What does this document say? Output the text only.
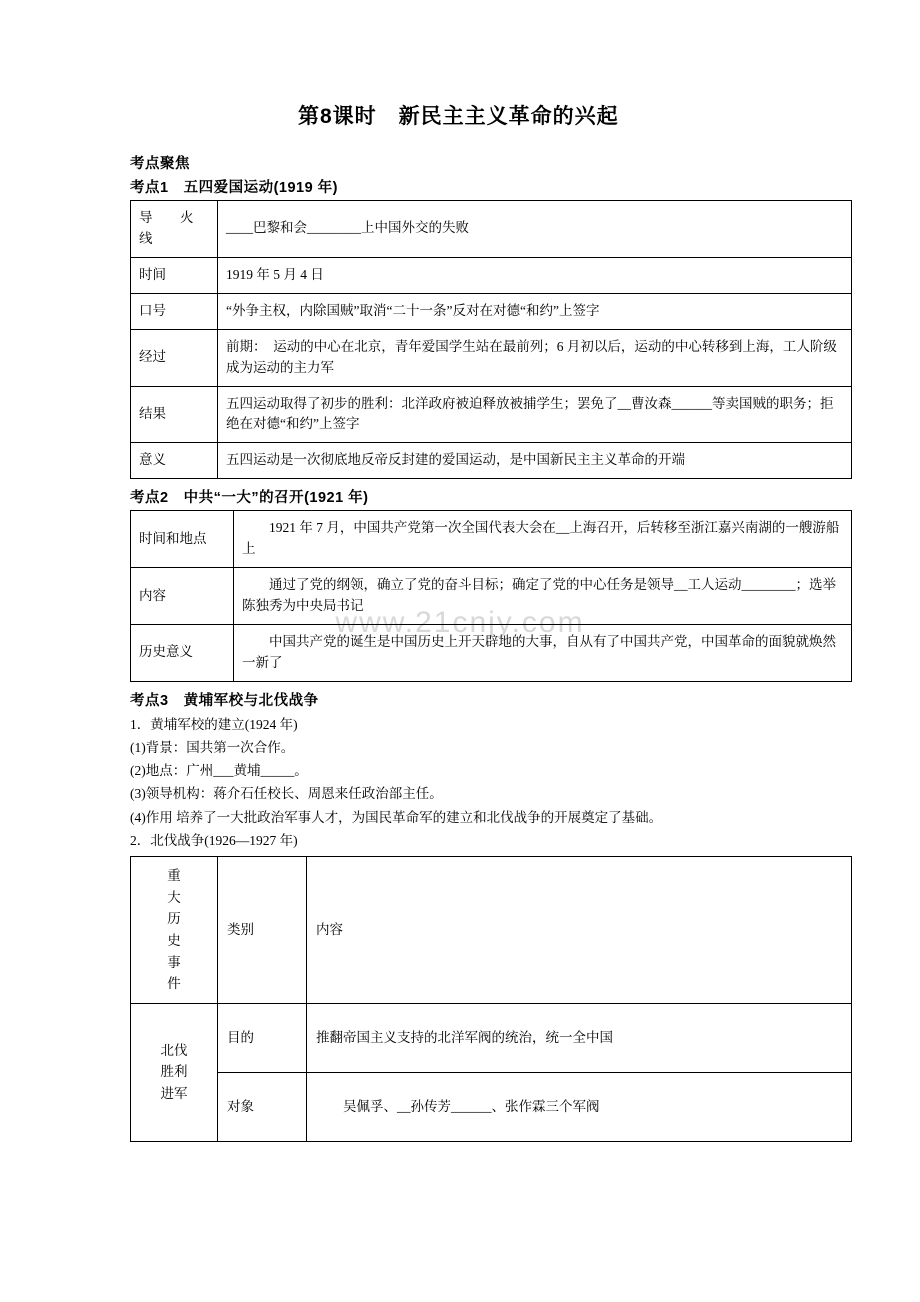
www.21cnjy.com
第8课时　新民主主义革命的兴起
考点聚焦
考点1　五四爱国运动(1919 年)
导　火　线	____巴黎和会________上中国外交的失败
时间	1919 年 5 月 4 日
口号	“外争主权，内除国贼”取消“二十一条”反对在对德“和约”上签字
经过	前期：　运动的中心在北京，青年爱国学生站在最前列；6 月初以后，运动的中心转移到上海，工人阶级成为运动的主力军
结果	五四运动取得了初步的胜利：北洋政府被迫释放被捕学生；罢免了__曹汝森______等卖国贼的职务；拒绝在对德“和约”上签字
意义	五四运动是一次彻底地反帝反封建的爱国运动，是中国新民主主义革命的开端
考点2　中共“一大”的召开(1921 年)
时间和地点	1921 年 7 月，中国共产党第一次全国代表大会在__上海召开，后转移至浙江嘉兴南湖的一艘游船上

内容	通过了党的纲领，确立了党的奋斗目标；确定了党的中心任务是领导__工人运动________；选举陈独秀为中央局书记

历史意义	中国共产党的诞生是中国历史上开天辟地的大事，自从有了中国共产党，中国革命的面貌就焕然一新了
考点3　黄埔军校与北伐战争

1．黄埔军校的建立(1924 年)

(1)背景：国共第一次合作。

(2)地点：广州___黄埔_____。

(3)领导机构：蒋介石任校长、周恩来任政治部主任。

(4)作用 培养了一大批政治军事人才，为国民革命军的建立和北伐战争的开展奠定了基础。

2．北伐战争(1926—1927 年)

重大历史事件	类别	内容
北伐胜利进军	目的	推翻帝国主义支持的北洋军阀的统治，统一全中国
	对象	吴佩孚、__孙传芳______、张作霖三个军阀
